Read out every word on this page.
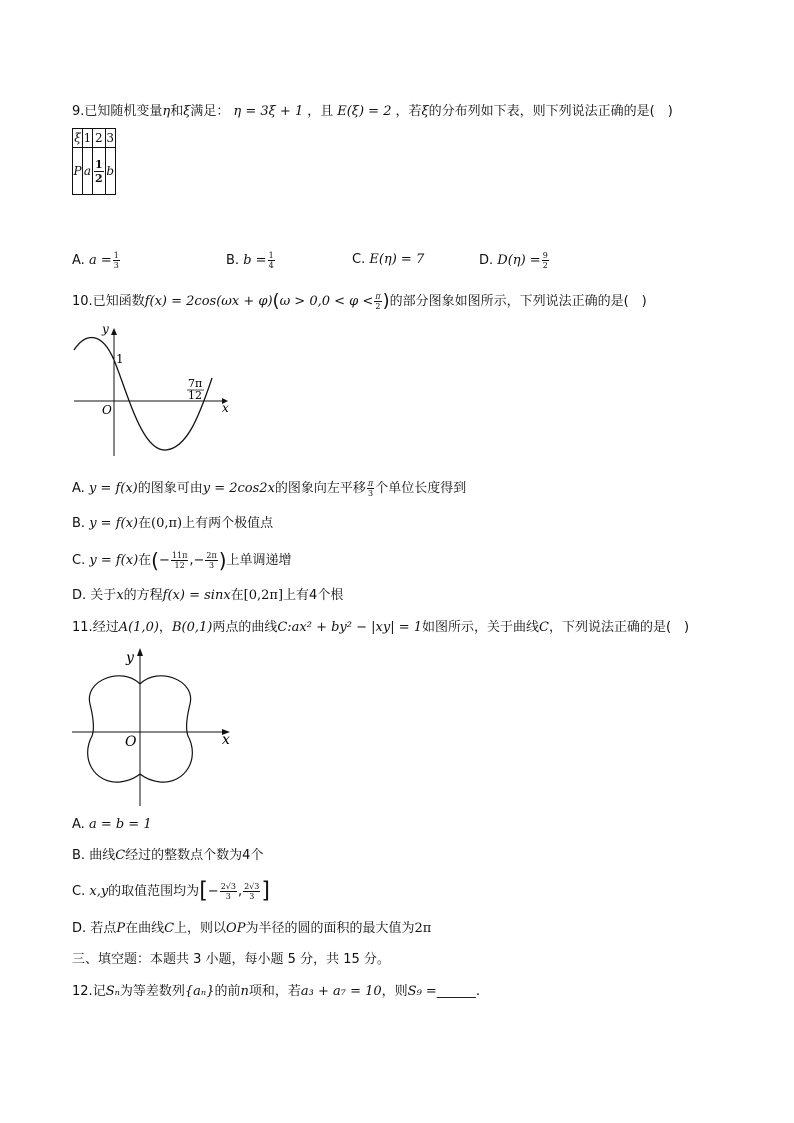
9.已知随机变量η和ξ满足： η = 3ξ + 1 ，且 E(ξ) = 2 ，若ξ的分布列如下表，则下列说法正确的是(　)
ξ	1	2	3
P	a	$\frac{1}{2}$	b
A. $a = \frac{1}{3}$	B. $b = \frac{1}{4}$	C. E(η) = 7	D. $D(\eta) = \frac{9}{2}$
10.已知函数$f(x) = 2\cos(\omega x + \varphi)(\omega > 0,0 < \varphi < \frac{\pi}{2}$ )的部分图象如图所示，下列说法正确的是(　)
y
x
O
1
7π
12
A. y = f(x)的图象可由y = 2cos2x的图象向左平移 $\frac{\pi}{3}$ 个单位长度得到
B. y = f(x)在(0,π)上有两个极值点
C. y = f(x)在(− $\frac{11\pi}{12}$ ,− $\frac{2\pi}{3}$ )上单调递增
D. 关于x的方程f(x) = sinx在[0,2π]上有4个根
11.经过A(1,0)，B(0,1)两点的曲线C:ax² + by² − |xy| = 1如图所示，关于曲线C，下列说法正确的是(　)
y
x
O
A. a = b = 1
B. 曲线C经过的整数点个数为4个
C. x,y的取值范围均为[− $\frac{2√3}{3}$ , $\frac{2√3}{3}$ ]
D. 若点P在曲线C上，则以OP为半径的圆的面积的最大值为2π
三、填空题：本题共 3 小题，每小题 5 分，共 15 分。
12.记Sₙ为等差数列{aₙ}的前n项和，若a₃ + a₇ = 10，则S₉ =______.
